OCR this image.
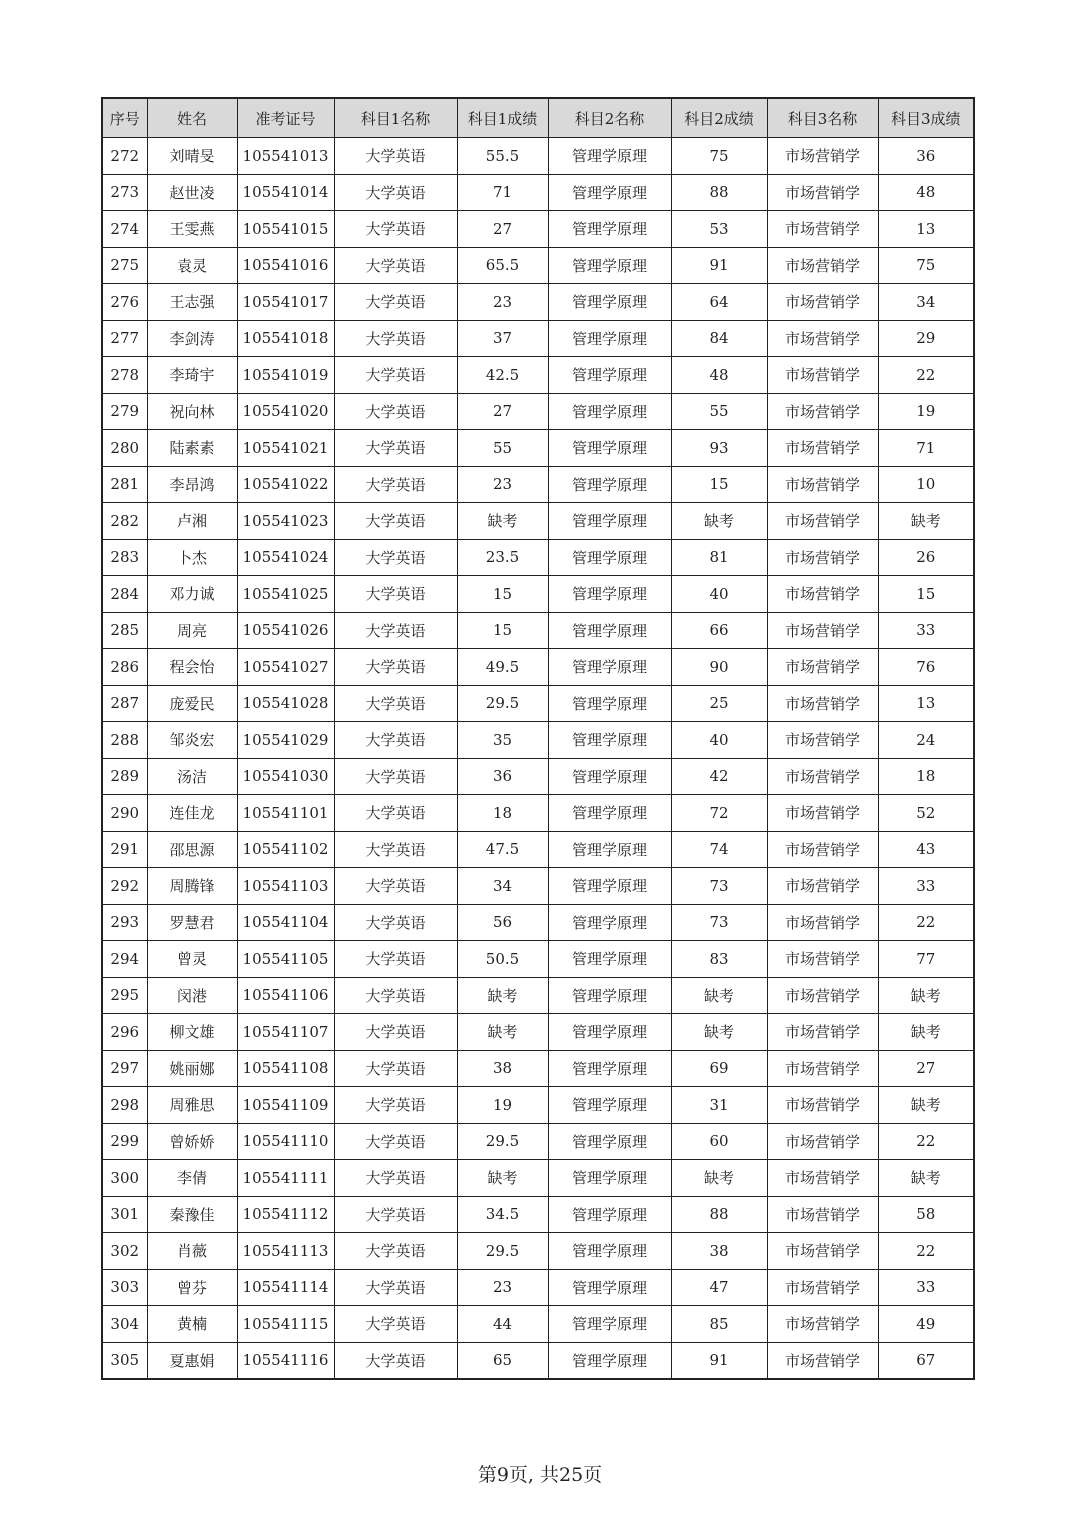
序号	姓名	准考证号	科目1名称	科目1成绩	科目2名称	科目2成绩	科目3名称	科目3成绩
272	刘晴旻	105541013	大学英语	55.5	管理学原理	75	市场营销学	36
273	赵世凌	105541014	大学英语	71	管理学原理	88	市场营销学	48
274	王雯燕	105541015	大学英语	27	管理学原理	53	市场营销学	13
275	袁灵	105541016	大学英语	65.5	管理学原理	91	市场营销学	75
276	王志强	105541017	大学英语	23	管理学原理	64	市场营销学	34
277	李剑涛	105541018	大学英语	37	管理学原理	84	市场营销学	29
278	李琦宇	105541019	大学英语	42.5	管理学原理	48	市场营销学	22
279	祝向林	105541020	大学英语	27	管理学原理	55	市场营销学	19
280	陆素素	105541021	大学英语	55	管理学原理	93	市场营销学	71
281	李昂鸿	105541022	大学英语	23	管理学原理	15	市场营销学	10
282	卢湘	105541023	大学英语	缺考	管理学原理	缺考	市场营销学	缺考
283	卜杰	105541024	大学英语	23.5	管理学原理	81	市场营销学	26
284	邓力诚	105541025	大学英语	15	管理学原理	40	市场营销学	15
285	周亮	105541026	大学英语	15	管理学原理	66	市场营销学	33
286	程会怡	105541027	大学英语	49.5	管理学原理	90	市场营销学	76
287	庞爱民	105541028	大学英语	29.5	管理学原理	25	市场营销学	13
288	邹炎宏	105541029	大学英语	35	管理学原理	40	市场营销学	24
289	汤洁	105541030	大学英语	36	管理学原理	42	市场营销学	18
290	连佳龙	105541101	大学英语	18	管理学原理	72	市场营销学	52
291	邵思源	105541102	大学英语	47.5	管理学原理	74	市场营销学	43
292	周腾锋	105541103	大学英语	34	管理学原理	73	市场营销学	33
293	罗慧君	105541104	大学英语	56	管理学原理	73	市场营销学	22
294	曾灵	105541105	大学英语	50.5	管理学原理	83	市场营销学	77
295	闵港	105541106	大学英语	缺考	管理学原理	缺考	市场营销学	缺考
296	柳文雄	105541107	大学英语	缺考	管理学原理	缺考	市场营销学	缺考
297	姚丽娜	105541108	大学英语	38	管理学原理	69	市场营销学	27
298	周雅思	105541109	大学英语	19	管理学原理	31	市场营销学	缺考
299	曾娇娇	105541110	大学英语	29.5	管理学原理	60	市场营销学	22
300	李倩	105541111	大学英语	缺考	管理学原理	缺考	市场营销学	缺考
301	秦豫佳	105541112	大学英语	34.5	管理学原理	88	市场营销学	58
302	肖薇	105541113	大学英语	29.5	管理学原理	38	市场营销学	22
303	曾芬	105541114	大学英语	23	管理学原理	47	市场营销学	33
304	黄楠	105541115	大学英语	44	管理学原理	85	市场营销学	49
305	夏惠娟	105541116	大学英语	65	管理学原理	91	市场营销学	67
第9页, 共25页
